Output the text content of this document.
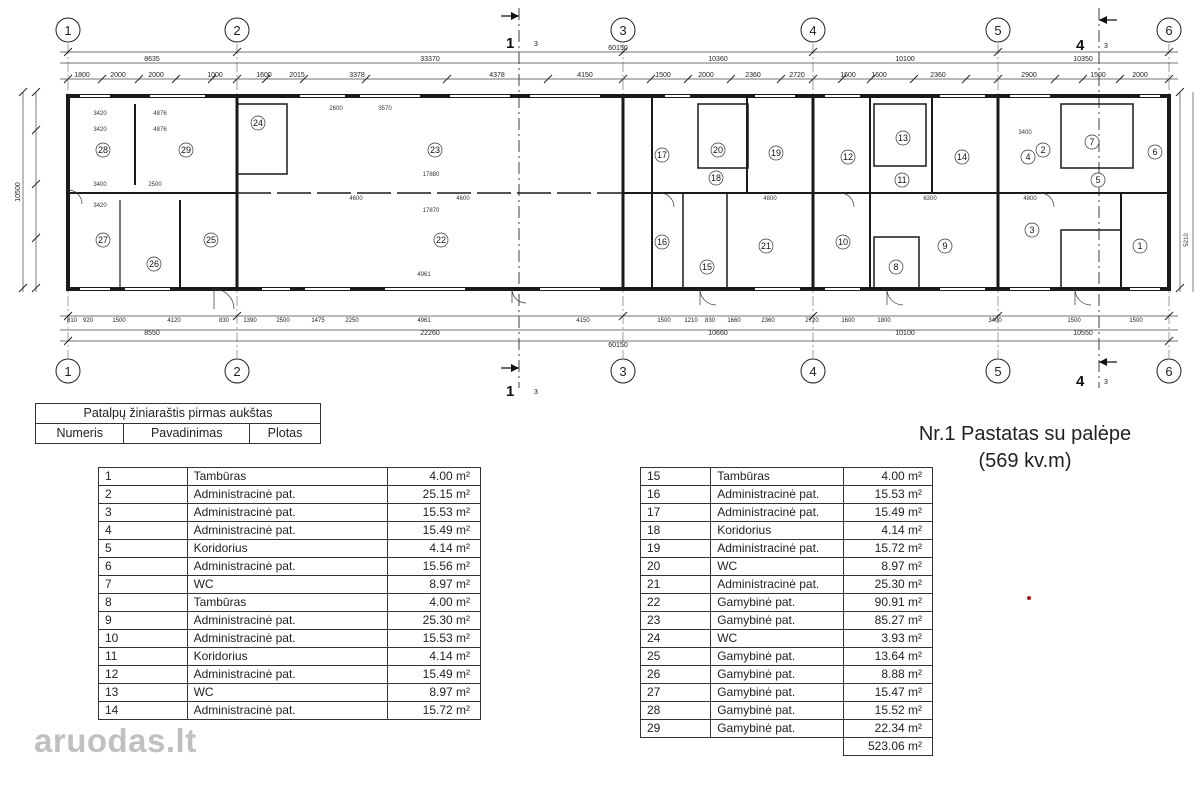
1	2	3	4	5	6
1	2	3	4	5	6
1	3
1	3
4	3
4	3
60150
8635	33370	10360	10100	10350
1800	2000	2000	1000	1600 2015	3378	4378	4150	1500	2000	2360	2720	1600 1600	2360	2900	1500	2000
810 920	1500	4120	830 1390	2500	1475	2250	4961	4150	1500 1210 830 1660	2360	2720	1600	1800	3400	1500	1500
8550	22260	10660	10100	10550
60150
10500
17880
17870
4876
4876
3420
3420
3420
3400	2500
3570
2600
4600	4600	4800	4800
6300
3400
4961
5210
1
2
3
4
5
6
7
8
9
10
11
12
13
14
15
16
17
18
19
20
21
22
23
24
25
26
27
28	29
Patalpų žiniaraštis pirmas aukštas
Numeris	Pavadinimas	Plotas
1	Tambūras	4.00 m²
2	Administracinė pat.	25.15 m²
3	Administracinė pat.	15.53 m²
4	Administracinė pat.	15.49 m²
5	Koridorius	4.14 m²
6	Administracinė pat.	15.56 m²
7	WC	8.97 m²
8	Tambūras	4.00 m²
9	Administracinė pat.	25.30 m²
10	Administracinė pat.	15.53 m²
11	Koridorius	4.14 m²
12	Administracinė pat.	15.49 m²
13	WC	8.97 m²
14	Administracinė pat.	15.72 m²
15	Tambūras	4.00 m²
16	Administracinė pat.	15.53 m²
17	Administracinė pat.	15.49 m²
18	Koridorius	4.14 m²
19	Administracinė pat.	15.72 m²
20	WC	8.97 m²
21	Administracinė pat.	25.30 m²
22	Gamybinė pat.	90.91 m²
23	Gamybinė pat.	85.27 m²
24	WC	3.93 m²
25	Gamybinė pat.	13.64 m²
26	Gamybinė pat.	8.88 m²
27	Gamybinė pat.	15.47 m²
28	Gamybinė pat.	15.52 m²
29	Gamybinė pat.	22.34 m²
		523.06 m²
Nr.1 Pastatas su palėpe
(569 kv.m)
aruodas.lt
